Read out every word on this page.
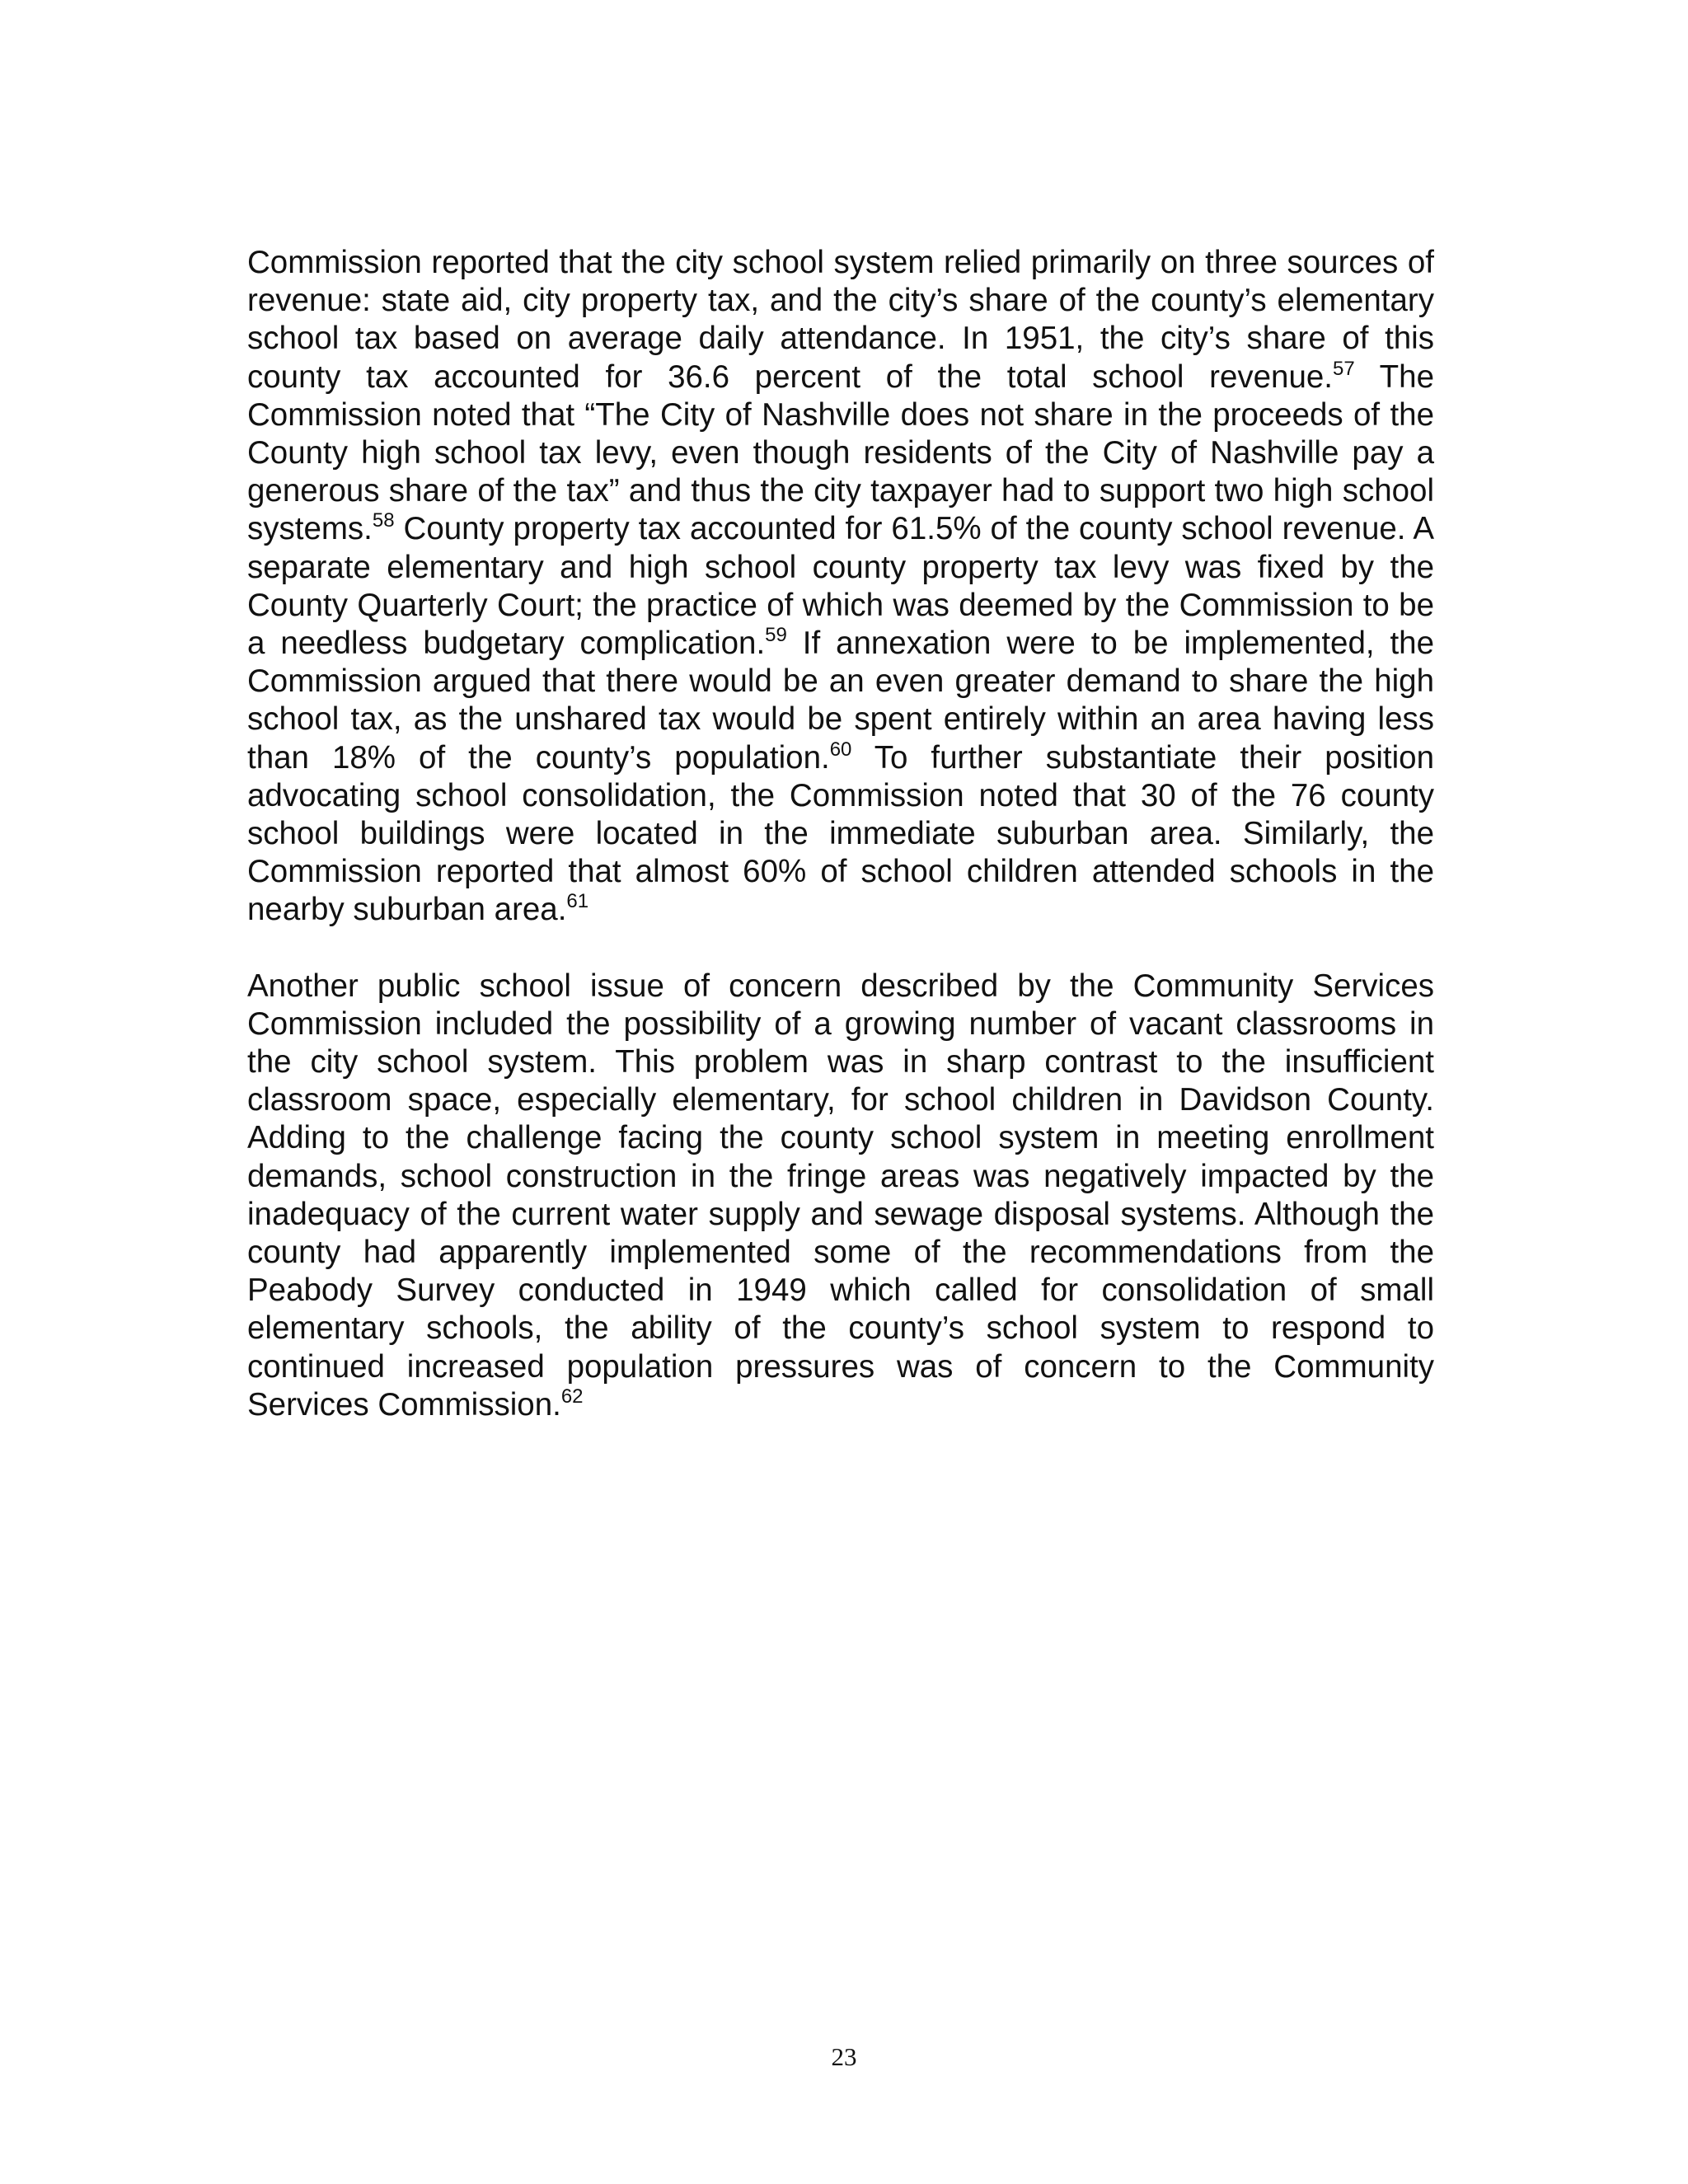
Commission reported that the city school system relied primarily on three sources of revenue: state aid, city property tax, and the city’s share of the county’s elementary school tax based on average daily attendance. In 1951, the city’s share of this county tax accounted for 36.6 percent of the total school revenue.$^{57}$ The Commission noted that “The City of Nashville does not share in the proceeds of the County high school tax levy, even though residents of the City of Nashville pay a generous share of the tax” and thus the city taxpayer had to support two high school systems.$^{58}$ County property tax accounted for 61.5% of the county school revenue. A separate elementary and high school county property tax levy was fixed by the County Quarterly Court; the practice of which was deemed by the Commission to be a needless budgetary complication.$^{59}$ If annexation were to be implemented, the Commission argued that there would be an even greater demand to share the high school tax, as the unshared tax would be spent entirely within an area having less than 18% of the county’s population.$^{60}$ To further substantiate their position advocating school consolidation, the Commission noted that 30 of the 76 county school buildings were located in the immediate suburban area. Similarly, the Commission reported that almost 60% of school children attended schools in the nearby suburban area.$^{61}$

Another public school issue of concern described by the Community Services Commission included the possibility of a growing number of vacant classrooms in the city school system. This problem was in sharp contrast to the insufficient classroom space, especially elementary, for school children in Davidson County. Adding to the challenge facing the county school system in meeting enrollment demands, school construction in the fringe areas was negatively impacted by the inadequacy of the current water supply and sewage disposal systems. Although the county had apparently implemented some of the recommendations from the Peabody Survey conducted in 1949 which called for consolidation of small elementary schools, the ability of the county’s school system to respond to continued increased population pressures was of concern to the Community Services Commission.$^{62}$

23
